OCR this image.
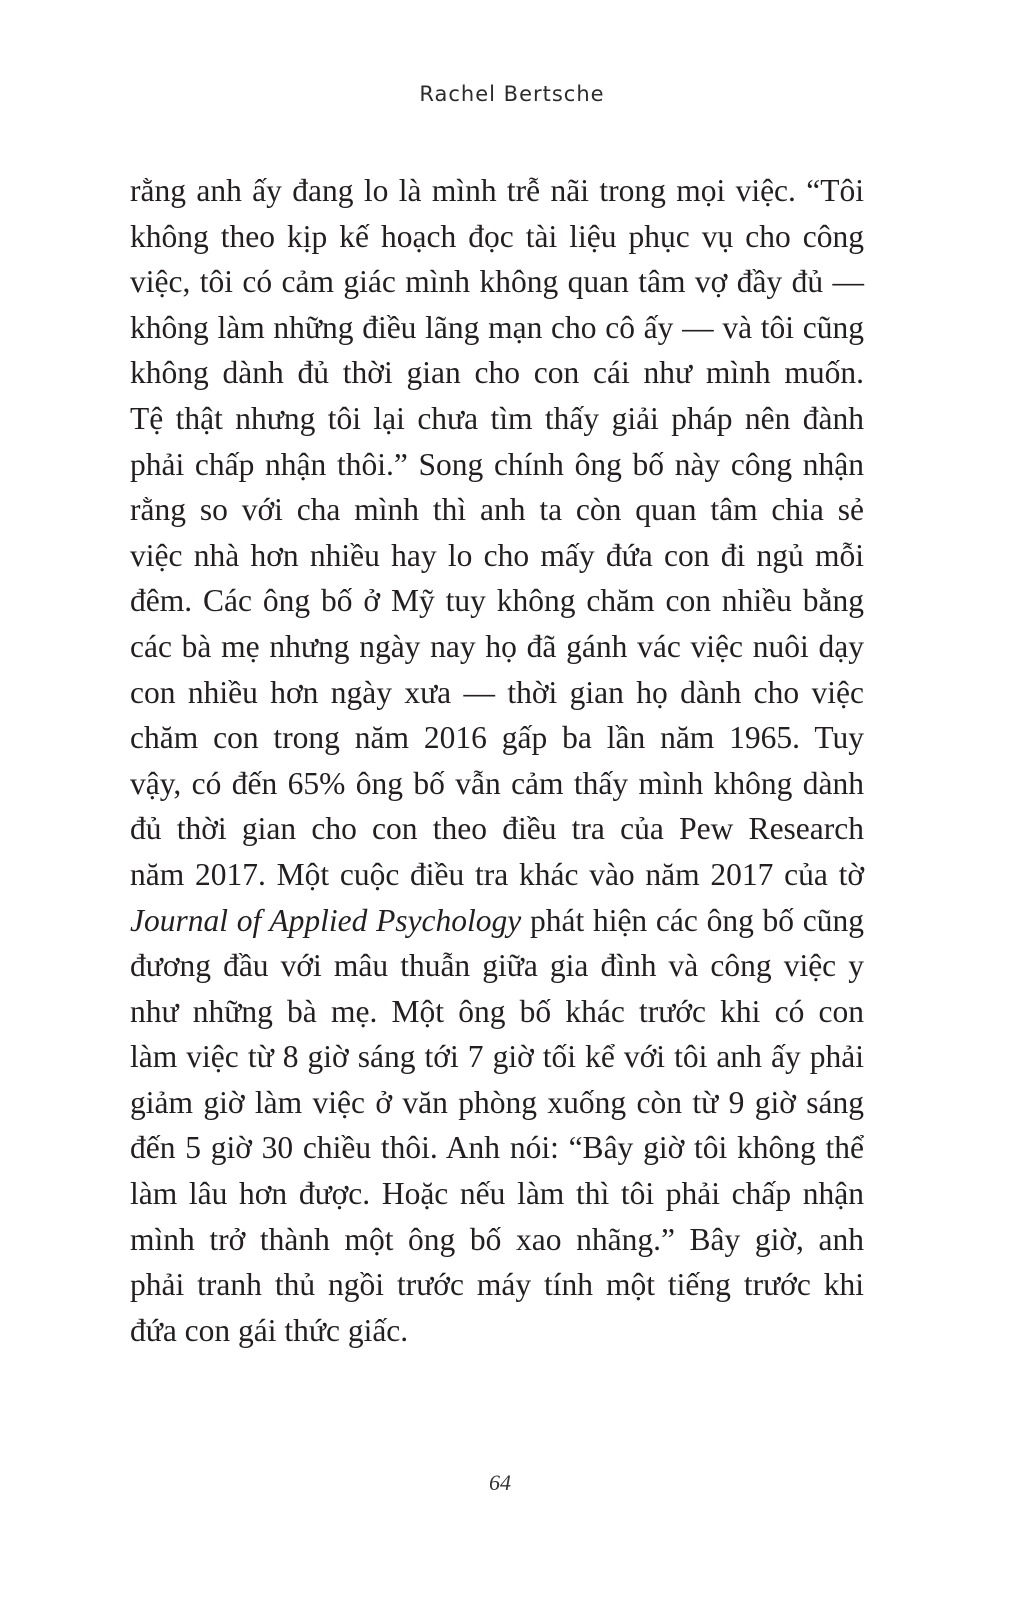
Rachel Bertsche
rằng anh ấy đang lo là mình trễ nãi trong mọi việc. “Tôi
không theo kịp kế hoạch đọc tài liệu phục vụ cho công
việc, tôi có cảm giác mình không quan tâm vợ đầy đủ —
không làm những điều lãng mạn cho cô ấy — và tôi cũng
không dành đủ thời gian cho con cái như mình muốn.
Tệ thật nhưng tôi lại chưa tìm thấy giải pháp nên đành
phải chấp nhận thôi.” Song chính ông bố này công nhận
rằng so với cha mình thì anh ta còn quan tâm chia sẻ
việc nhà hơn nhiều hay lo cho mấy đứa con đi ngủ mỗi
đêm. Các ông bố ở Mỹ tuy không chăm con nhiều bằng
các bà mẹ nhưng ngày nay họ đã gánh vác việc nuôi dạy
con nhiều hơn ngày xưa — thời gian họ dành cho việc
chăm con trong năm 2016 gấp ba lần năm 1965. Tuy
vậy, có đến 65% ông bố vẫn cảm thấy mình không dành
đủ thời gian cho con theo điều tra của Pew Research
năm 2017. Một cuộc điều tra khác vào năm 2017 của tờ
Journal of Applied Psychology phát hiện các ông bố cũng
đương đầu với mâu thuẫn giữa gia đình và công việc y
như những bà mẹ. Một ông bố khác trước khi có con
làm việc từ 8 giờ sáng tới 7 giờ tối kể với tôi anh ấy phải
giảm giờ làm việc ở văn phòng xuống còn từ 9 giờ sáng
đến 5 giờ 30 chiều thôi. Anh nói: “Bây giờ tôi không thể
làm lâu hơn được. Hoặc nếu làm thì tôi phải chấp nhận
mình trở thành một ông bố xao nhãng.” Bây giờ, anh
phải tranh thủ ngồi trước máy tính một tiếng trước khi
đứa con gái thức giấc.
64
